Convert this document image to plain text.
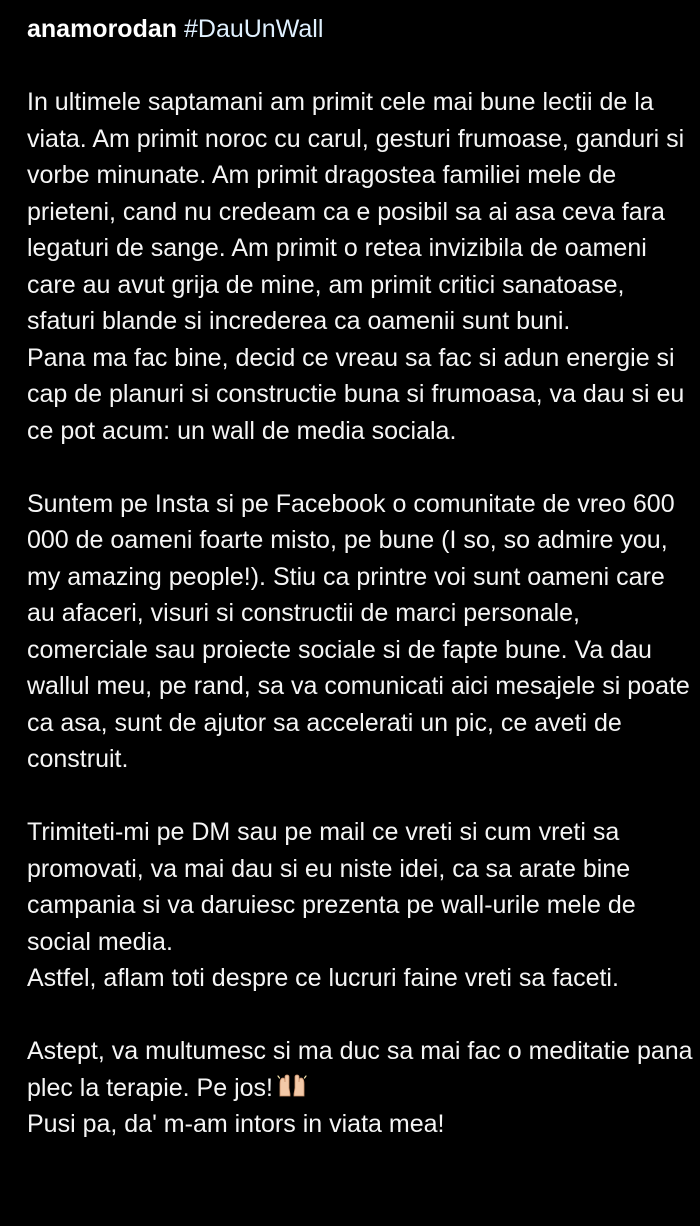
anamorodan #DauUnWall

In ultimele saptamani am primit cele mai bune lectii de la viata. Am primit noroc cu carul, gesturi frumoase, ganduri si vorbe minunate. Am primit dragostea familiei mele de prieteni, cand nu credeam ca e posibil sa ai asa ceva fara legaturi de sange. Am primit o retea invizibila de oameni care au avut grija de mine, am primit critici sanatoase, sfaturi blande si increderea ca oamenii sunt buni.

Pana ma fac bine, decid ce vreau sa fac si adun energie si cap de planuri si constructie buna si frumoasa, va dau si eu ce pot acum: un wall de media sociala.

Suntem pe Insta si pe Facebook o comunitate de vreo 600 000 de oameni foarte misto, pe bune (I so, so admire you, my amazing people!). Stiu ca printre voi sunt oameni care au afaceri, visuri si constructii de marci personale, comerciale sau proiecte sociale si de fapte bune. Va dau wallul meu, pe rand, sa va comunicati aici mesajele si poate ca asa, sunt de ajutor sa accelerati un pic, ce aveti de construit.

Trimiteti-mi pe DM sau pe mail ce vreti si cum vreti sa promovati, va mai dau si eu niste idei, ca sa arate bine campania si va daruiesc prezenta pe wall-urile mele de social media.

Astfel, aflam toti despre ce lucruri faine vreti sa faceti.

Astept, va multumesc si ma duc sa mai fac o meditatie pana plec la terapie. Pe jos!

Pusi pa, da' m-am intors in viata mea!
